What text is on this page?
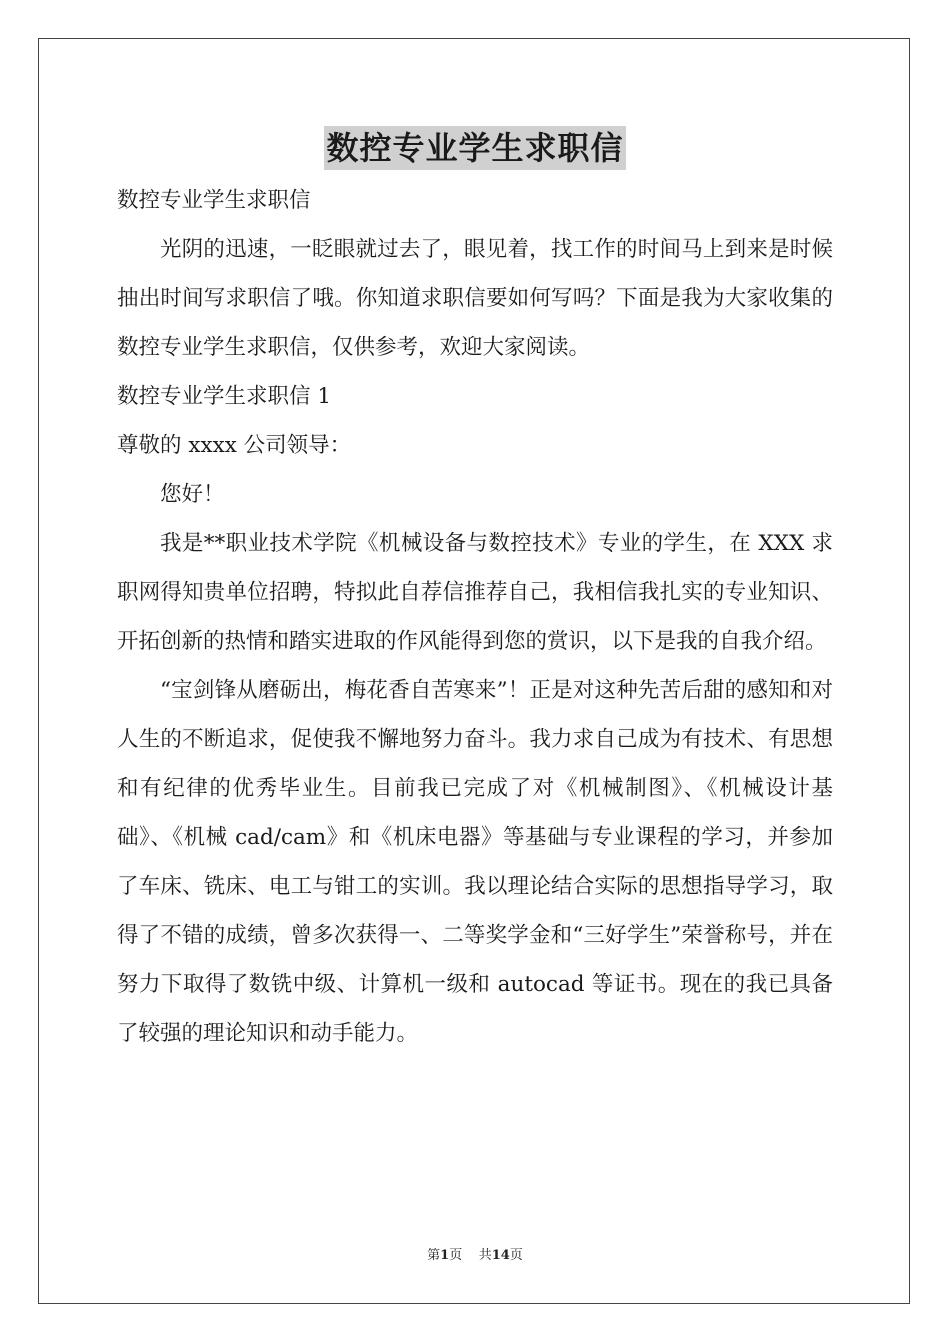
数控专业学生求职信

数控专业学生求职信

光阴的迅速，一眨眼就过去了，眼见着，找工作的时间马上到来是时候抽出时间写求职信了哦。你知道求职信要如何写吗？下面是我为大家收集的数控专业学生求职信，仅供参考，欢迎大家阅读。

数控专业学生求职信 1

尊敬的 xxxx 公司领导：

您好！

我是**职业技术学院《机械设备与数控技术》专业的学生，在 XXX 求职网得知贵单位招聘，特拟此自荐信推荐自己，我相信我扎实的专业知识、开拓创新的热情和踏实进取的作风能得到您的赏识，以下是我的自我介绍。

“宝剑锋从磨砺出，梅花香自苦寒来”！正是对这种先苦后甜的感知和对人生的不断追求，促使我不懈地努力奋斗。我力求自己成为有技术、有思想和有纪律的优秀毕业生。目前我已完成了对《机械制图》、《机械设计基础》、《机械 cad/cam》和《机床电器》等基础与专业课程的学习，并参加了车床、铣床、电工与钳工的实训。我以理论结合实际的思想指导学习，取得了不错的成绩，曾多次获得一、二等奖学金和“三好学生”荣誉称号，并在努力下取得了数铣中级、计算机一级和 autocad 等证书。现在的我已具备了较强的理论知识和动手能力。

第1页 共14页
